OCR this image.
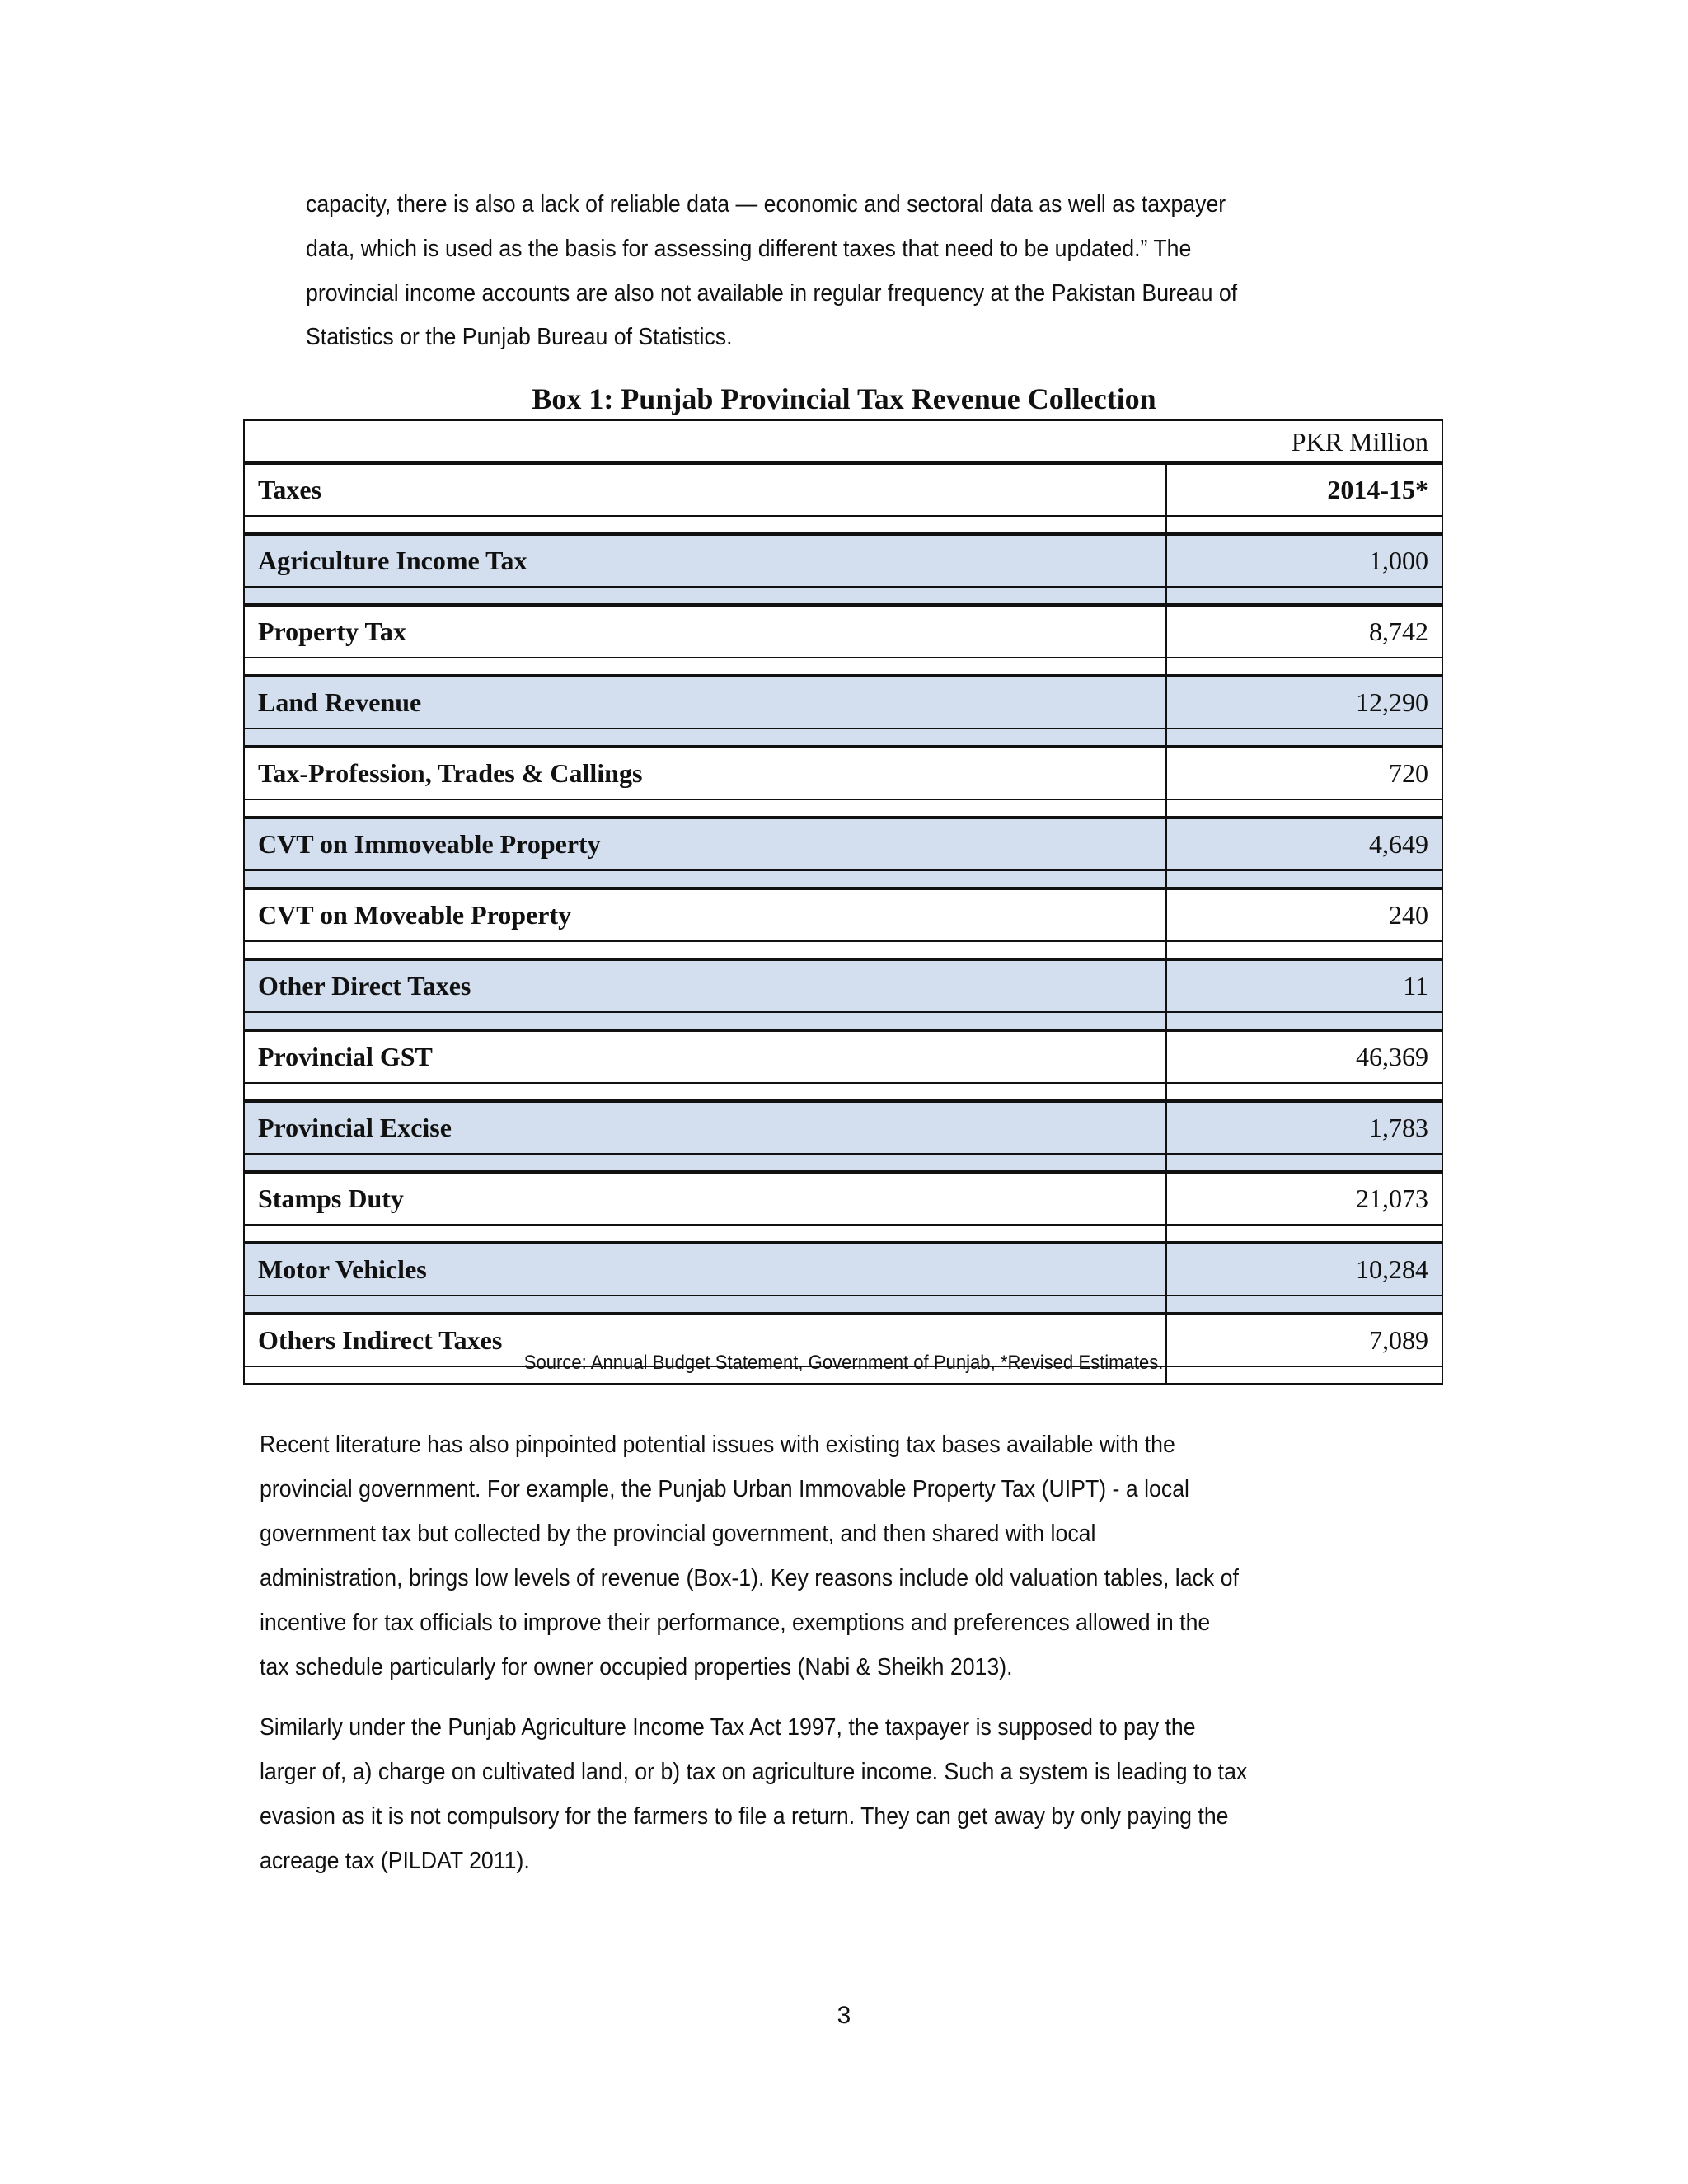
capacity, there is also a lack of reliable data — economic and sectoral data as well as taxpayer
data, which is used as the basis for assessing different taxes that need to be updated.” The
provincial income accounts are also not available in regular frequency at the Pakistan Bureau of
Statistics or the Punjab Bureau of Statistics.
Box 1: Punjab Provincial Tax Revenue Collection
PKR Million
Taxes	2014-15*
Agriculture Income Tax	1,000
Property Tax	8,742
Land Revenue	12,290
Tax-Profession, Trades & Callings	720
CVT on Immoveable Property	4,649
CVT on Moveable Property	240
Other Direct Taxes	11
Provincial GST	46,369
Provincial Excise	1,783
Stamps Duty	21,073
Motor Vehicles	10,284
Others Indirect Taxes	7,089
Source: Annual Budget Statement, Government of Punjab, *Revised Estimates.
Recent literature has also pinpointed potential issues with existing tax bases available with the
provincial government. For example, the Punjab Urban Immovable Property Tax (UIPT) - a local
government tax but collected by the provincial government, and then shared with local
administration, brings low levels of revenue (Box-1). Key reasons include old valuation tables, lack of
incentive for tax officials to improve their performance, exemptions and preferences allowed in the
tax schedule particularly for owner occupied properties (Nabi & Sheikh 2013).
Similarly under the Punjab Agriculture Income Tax Act 1997, the taxpayer is supposed to pay the
larger of, a) charge on cultivated land, or b) tax on agriculture income. Such a system is leading to tax
evasion as it is not compulsory for the farmers to file a return. They can get away by only paying the
acreage tax (PILDAT 2011).
3
